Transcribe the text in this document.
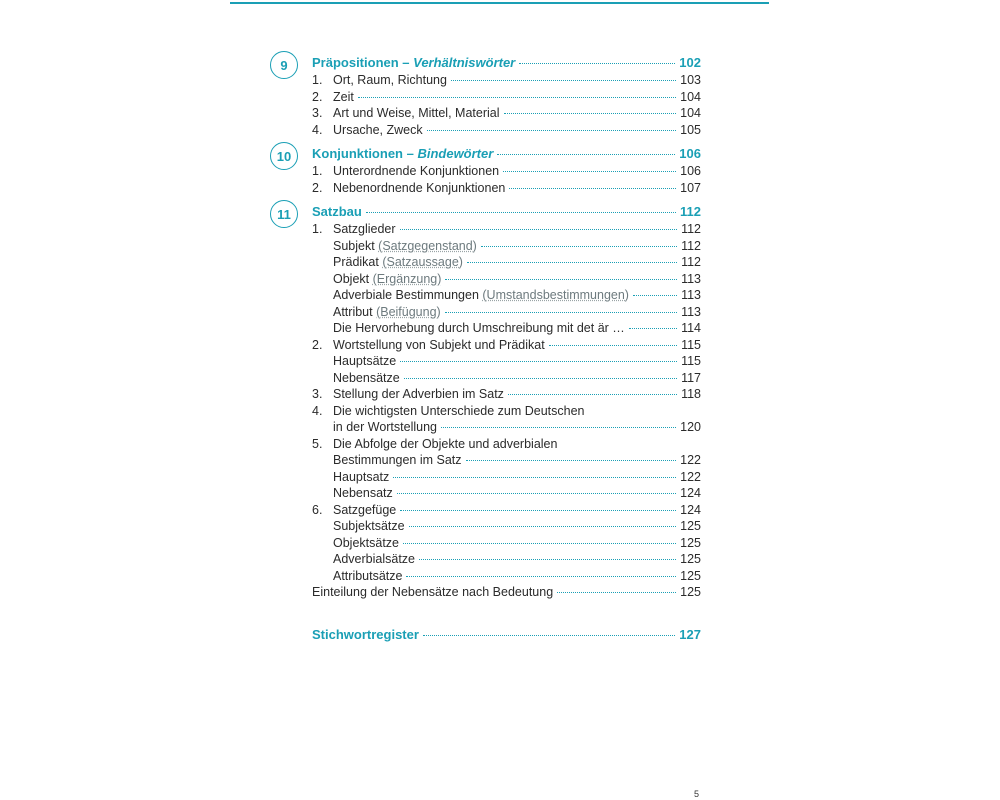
9	Präpositionen – Verhältniswörter	102
1. Ort, Raum, Richtung	103
2. Zeit	104
3. Art und Weise, Mittel, Material	104
4. Ursache, Zweck	105
10	Konjunktionen – Bindewörter	106
1. Unterordnende Konjunktionen	106
2. Nebenordnende Konjunktionen	107
11	Satzbau	112
1. Satzglieder	112
Subjekt (Satzgegenstand)	112
Prädikat (Satzaussage)	112
Objekt (Ergänzung)	113
Adverbiale Bestimmungen (Umstandsbestimmungen)	113
Attribut (Beifügung)	113
Die Hervorhebung durch Umschreibung mit det är …	114
2. Wortstellung von Subjekt und Prädikat	115
Hauptsätze	115
Nebensätze	117
3. Stellung der Adverbien im Satz	118
4. Die wichtigsten Unterschiede zum Deutschen
in der Wortstellung	120
5. Die Abfolge der Objekte und adverbialen
Bestimmungen im Satz	122
Hauptsatz	122
Nebensatz	124
6. Satzgefüge	124
Subjektsätze	125
Objektsätze	125
Adverbialsätze	125
Attributsätze	125
Einteilung der Nebensätze nach Bedeutung	125
Stichwortregister	127
5
